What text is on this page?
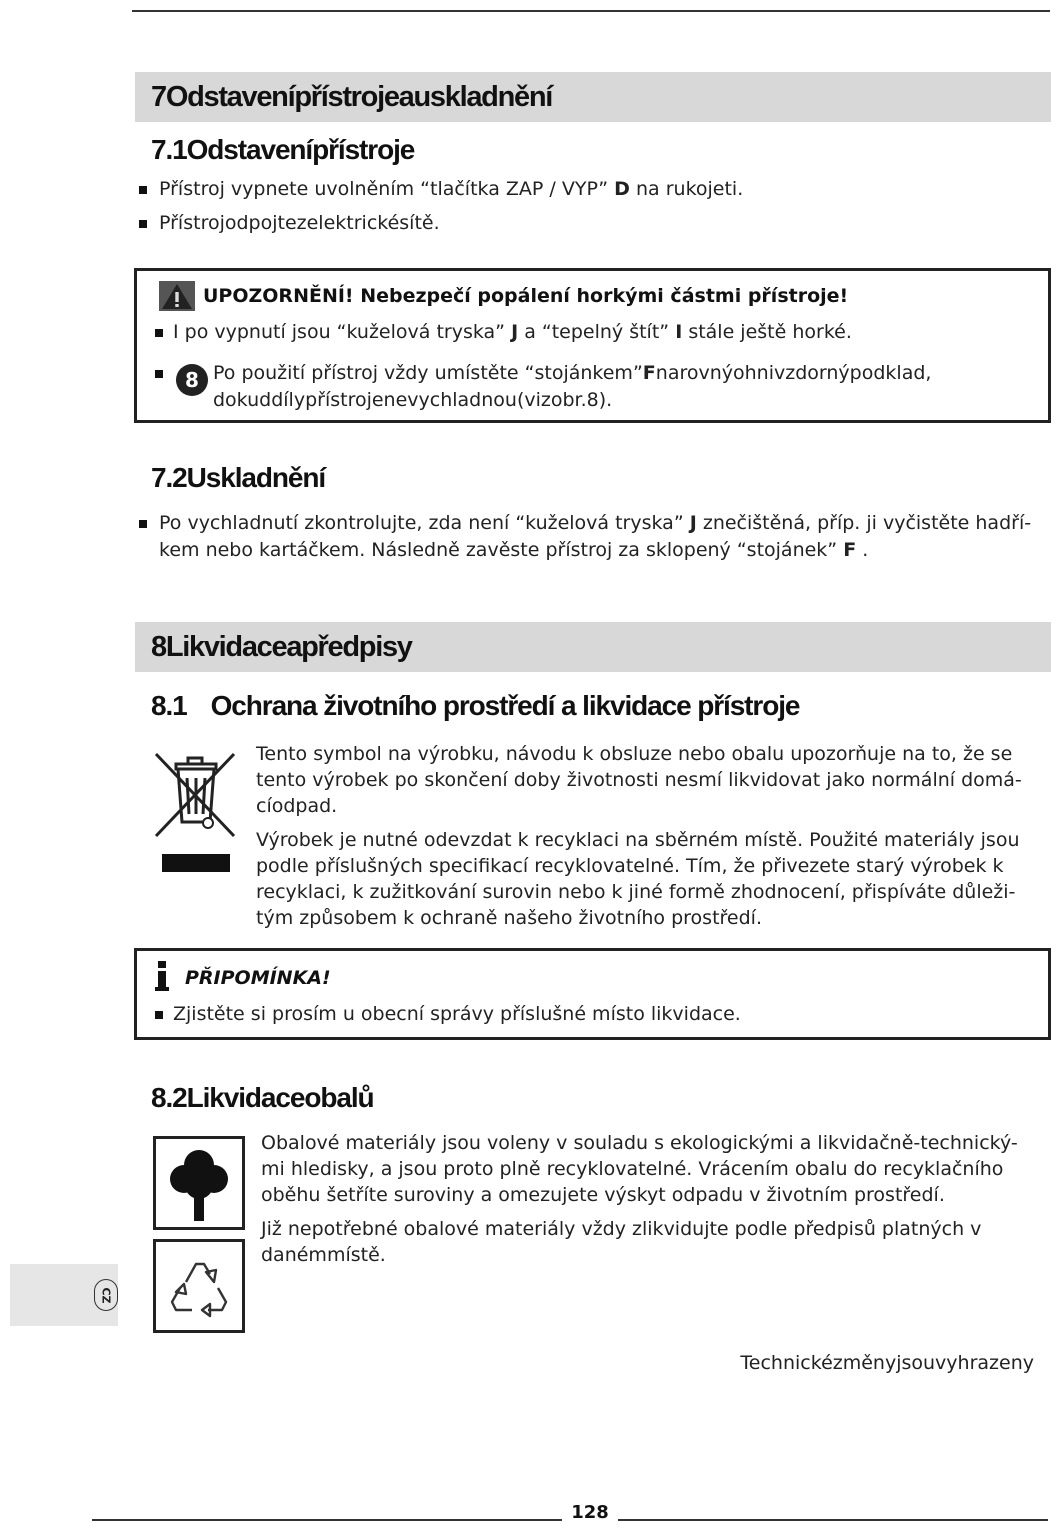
7Odstavenípřístrojeauskladnění
7.1Odstavenípřístroje
Přístroj vypnete uvolněním “tlačítka ZAP / VYP” D na rukojeti.
Přístrojodpojtezelektrickésítě.
UPOZORNĚNÍ! Nebezpečí popálení horkými částmi přístroje!
I po vypnutí jsou “kuželová tryska” J a “tepelný štít” I stále ještě horké.
8 Po použití přístroj vždy umístěte “stojánkem”Fnarovnýohnivzdornýpodklad,
dokuddílypřístrojenevychladnou(vizobr.8).
7.2Uskladnění
Po vychladnutí zkontrolujte, zda není “kuželová tryska” J znečištěná, příp. ji vyčistěte hadří-
kem nebo kartáčkem. Následně zavěste přístroj za sklopený “stojánek” F .
8Likvidaceapředpisy
8.1 Ochrana životního prostředí a likvidace přístroje
Tento symbol na výrobku, návodu k obsluze nebo obalu upozorňuje na to, že se
tento výrobek po skončení doby životnosti nesmí likvidovat jako normální domá-
cíodpad.
Výrobek je nutné odevzdat k recyklaci na sběrném místě. Použité materiály jsou
podle příslušných specifikací recyklovatelné. Tím, že přivezete starý výrobek k
recyklaci, k zužitkování surovin nebo k jiné formě zhodnocení, přispíváte důleži-
tým způsobem k ochraně našeho životního prostředí.
PŘIPOMÍNKA!
Zjistěte si prosím u obecní správy příslušné místo likvidace.
8.2Likvidaceobalů
Obalové materiály jsou voleny v souladu s ekologickými a likvidačně-technický-
mi hledisky, a jsou proto plně recyklovatelné. Vrácením obalu do recyklačního
oběhu šetříte suroviny a omezujete výskyt odpadu v životním prostředí.
Již nepotřebné obalové materiály vždy zlikvidujte podle předpisů platných v
danémmístě.
CZ
Technickézměnyjsouvyhrazeny
128
